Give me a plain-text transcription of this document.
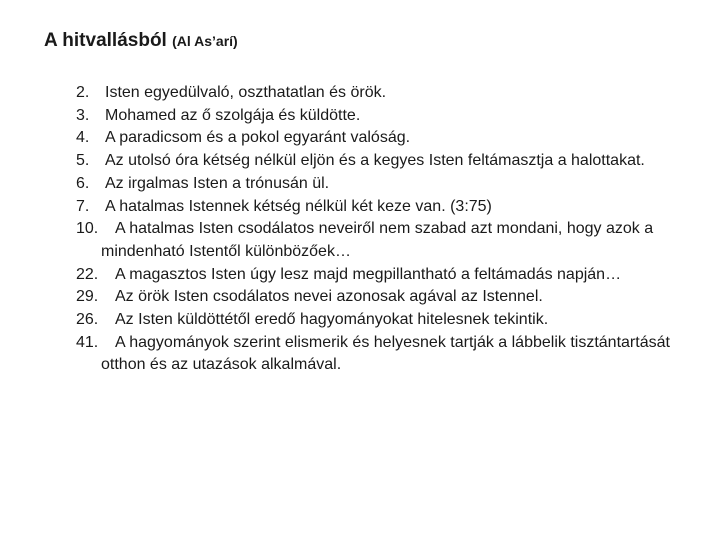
A hitvallásból (Al As’arí)
2. Isten egyedülvaló, oszthatatlan és örök.
3. Mohamed az ő szolgája és küldötte.
4. A paradicsom és a pokol egyaránt valóság.
5. Az utolsó óra kétség nélkül eljön és a kegyes Isten feltámasztja a halottakat.
6. Az irgalmas Isten a trónusán ül.
7. A hatalmas Istennek kétség nélkül két keze van. (3:75)
10.	A hatalmas Isten csodálatos neveiről nem szabad azt mondani, hogy azok a mindenható Istentől különbözőek…
22.	A magasztos Isten úgy lesz majd megpillantható a feltámadás napján…
29.	Az örök Isten csodálatos nevei azonosak agával az Istennel.
26.	Az Isten küldöttétől eredő hagyományokat hitelesnek tekintik.
41.	A hagyományok szerint elismerik és helyesnek tartják a lábbelik tisztántartását otthon és az utazások alkalmával.
